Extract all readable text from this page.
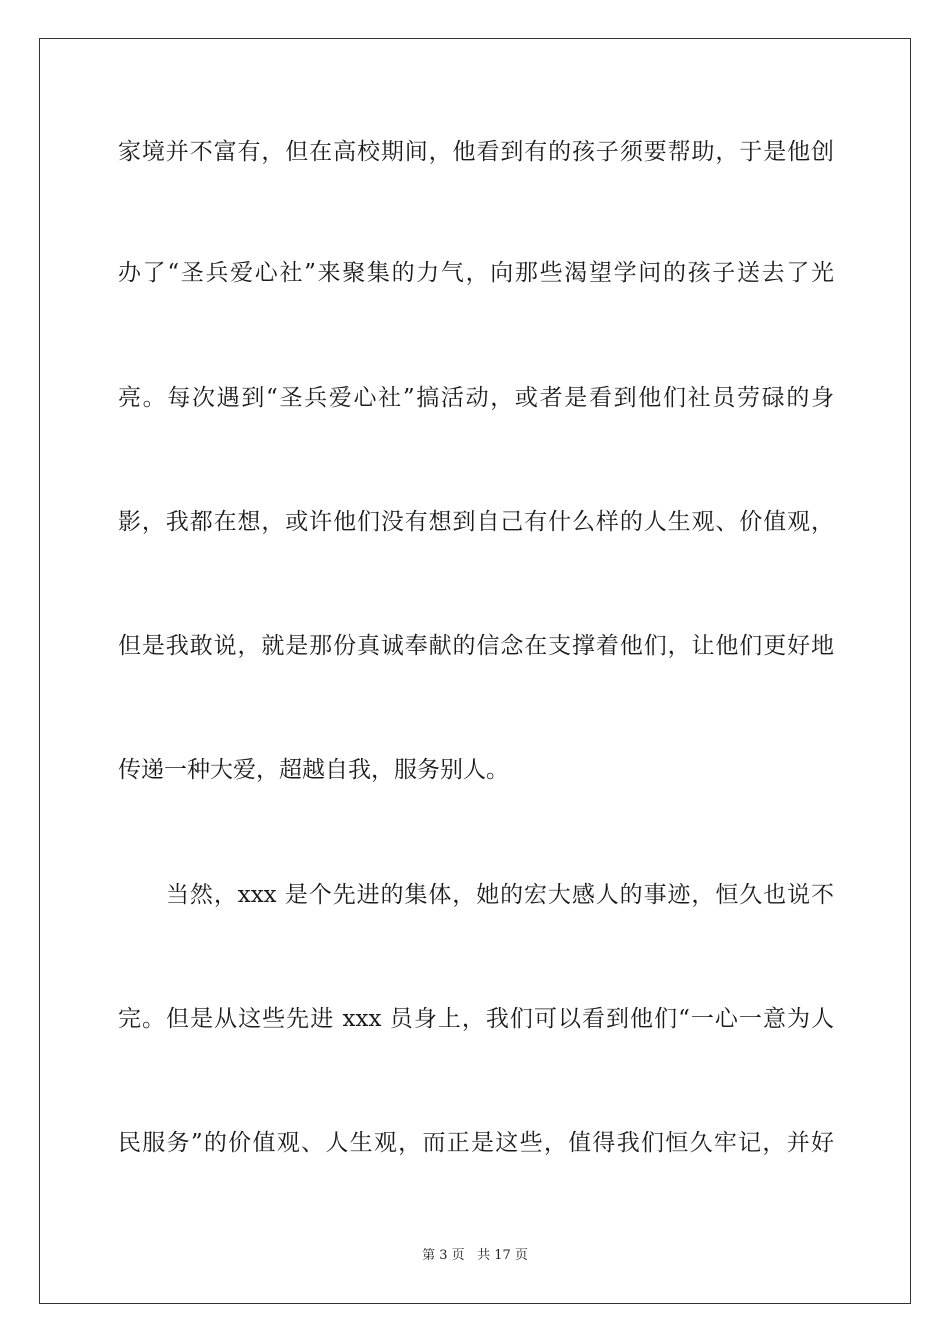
家境并不富有，但在高校期间，他看到有的孩子须要帮助，于是他创
办了“圣兵爱心社”来聚集的力气，向那些渴望学问的孩子送去了光
亮。每次遇到“圣兵爱心社”搞活动，或者是看到他们社员劳碌的身
影，我都在想，或许他们没有想到自己有什么样的人生观、价值观，
但是我敢说，就是那份真诚奉献的信念在支撑着他们，让他们更好地
传递一种大爱，超越自我，服务别人。
当然，xxx 是个先进的集体，她的宏大感人的事迹，恒久也说不
完。但是从这些先进 xxx 员身上，我们可以看到他们“一心一意为人
民服务”的价值观、人生观，而正是这些，值得我们恒久牢记，并好
第 3 页 共 17 页
